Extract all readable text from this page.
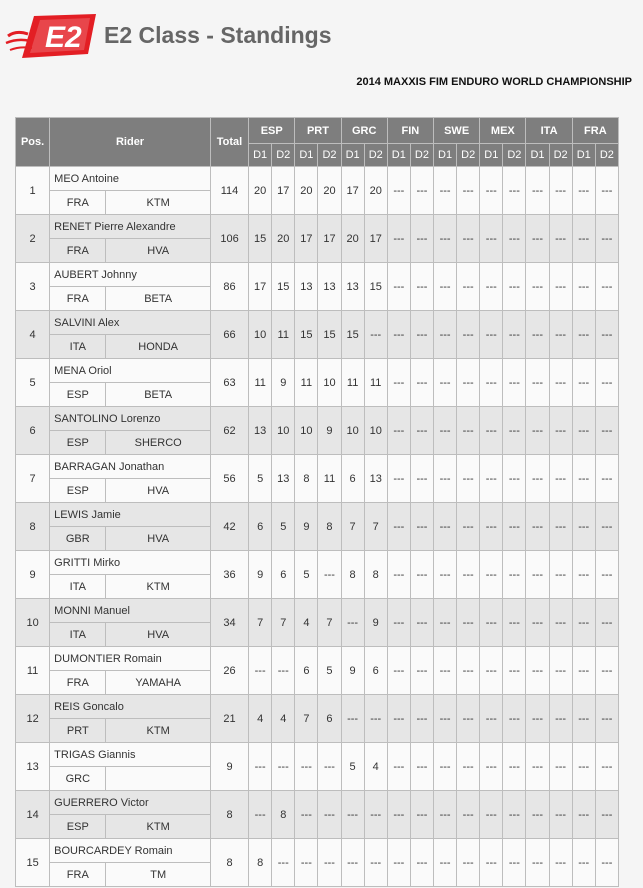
E2 E2 Class - Standings
2014 MAXXIS FIM ENDURO WORLD CHAMPIONSHIP
Pos.	Rider		Total	ESP		PRT		GRC		FIN		SWE		MEX		ITA		FRA	
				D1	D2	D1	D2	D1	D2	D1	D2	D1	D2	D1	D2	D1	D2	D1	D2
1	MEO Antoine		114	20	17	20	20	17	20	---	---	---	---	---	---	---	---	---	---
	FRA	KTM																	
2	RENET Pierre Alexandre		106	15	20	17	17	20	17	---	---	---	---	---	---	---	---	---	---
	FRA	HVA																	
3	AUBERT Johnny		86	17	15	13	13	13	15	---	---	---	---	---	---	---	---	---	---
	FRA	BETA																	
4	SALVINI Alex		66	10	11	15	15	15	---	---	---	---	---	---	---	---	---	---	---
	ITA	HONDA																	
5	MENA Oriol		63	11	9	11	10	11	11	---	---	---	---	---	---	---	---	---	---
	ESP	BETA																	
6	SANTOLINO Lorenzo		62	13	10	10	9	10	10	---	---	---	---	---	---	---	---	---	---
	ESP	SHERCO																	
7	BARRAGAN Jonathan		56	5	13	8	11	6	13	---	---	---	---	---	---	---	---	---	---
	ESP	HVA																	
8	LEWIS Jamie		42	6	5	9	8	7	7	---	---	---	---	---	---	---	---	---	---
	GBR	HVA																	
9	GRITTI Mirko		36	9	6	5	---	8	8	---	---	---	---	---	---	---	---	---	---
	ITA	KTM																	
10	MONNI Manuel		34	7	7	4	7	---	9	---	---	---	---	---	---	---	---	---	---
	ITA	HVA																	
11	DUMONTIER Romain		26	---	---	6	5	9	6	---	---	---	---	---	---	---	---	---	---
	FRA	YAMAHA																	
12	REIS Goncalo		21	4	4	7	6	---	---	---	---	---	---	---	---	---	---	---	---
	PRT	KTM																	
13	TRIGAS Giannis		9	---	---	---	---	5	4	---	---	---	---	---	---	---	---	---	---
	GRC																		
14	GUERRERO Victor		8	---	8	---	---	---	---	---	---	---	---	---	---	---	---	---	---
	ESP	KTM																	
15	BOURCARDEY Romain		8	8	---	---	---	---	---	---	---	---	---	---	---	---	---	---	---
	FRA	TM																	
